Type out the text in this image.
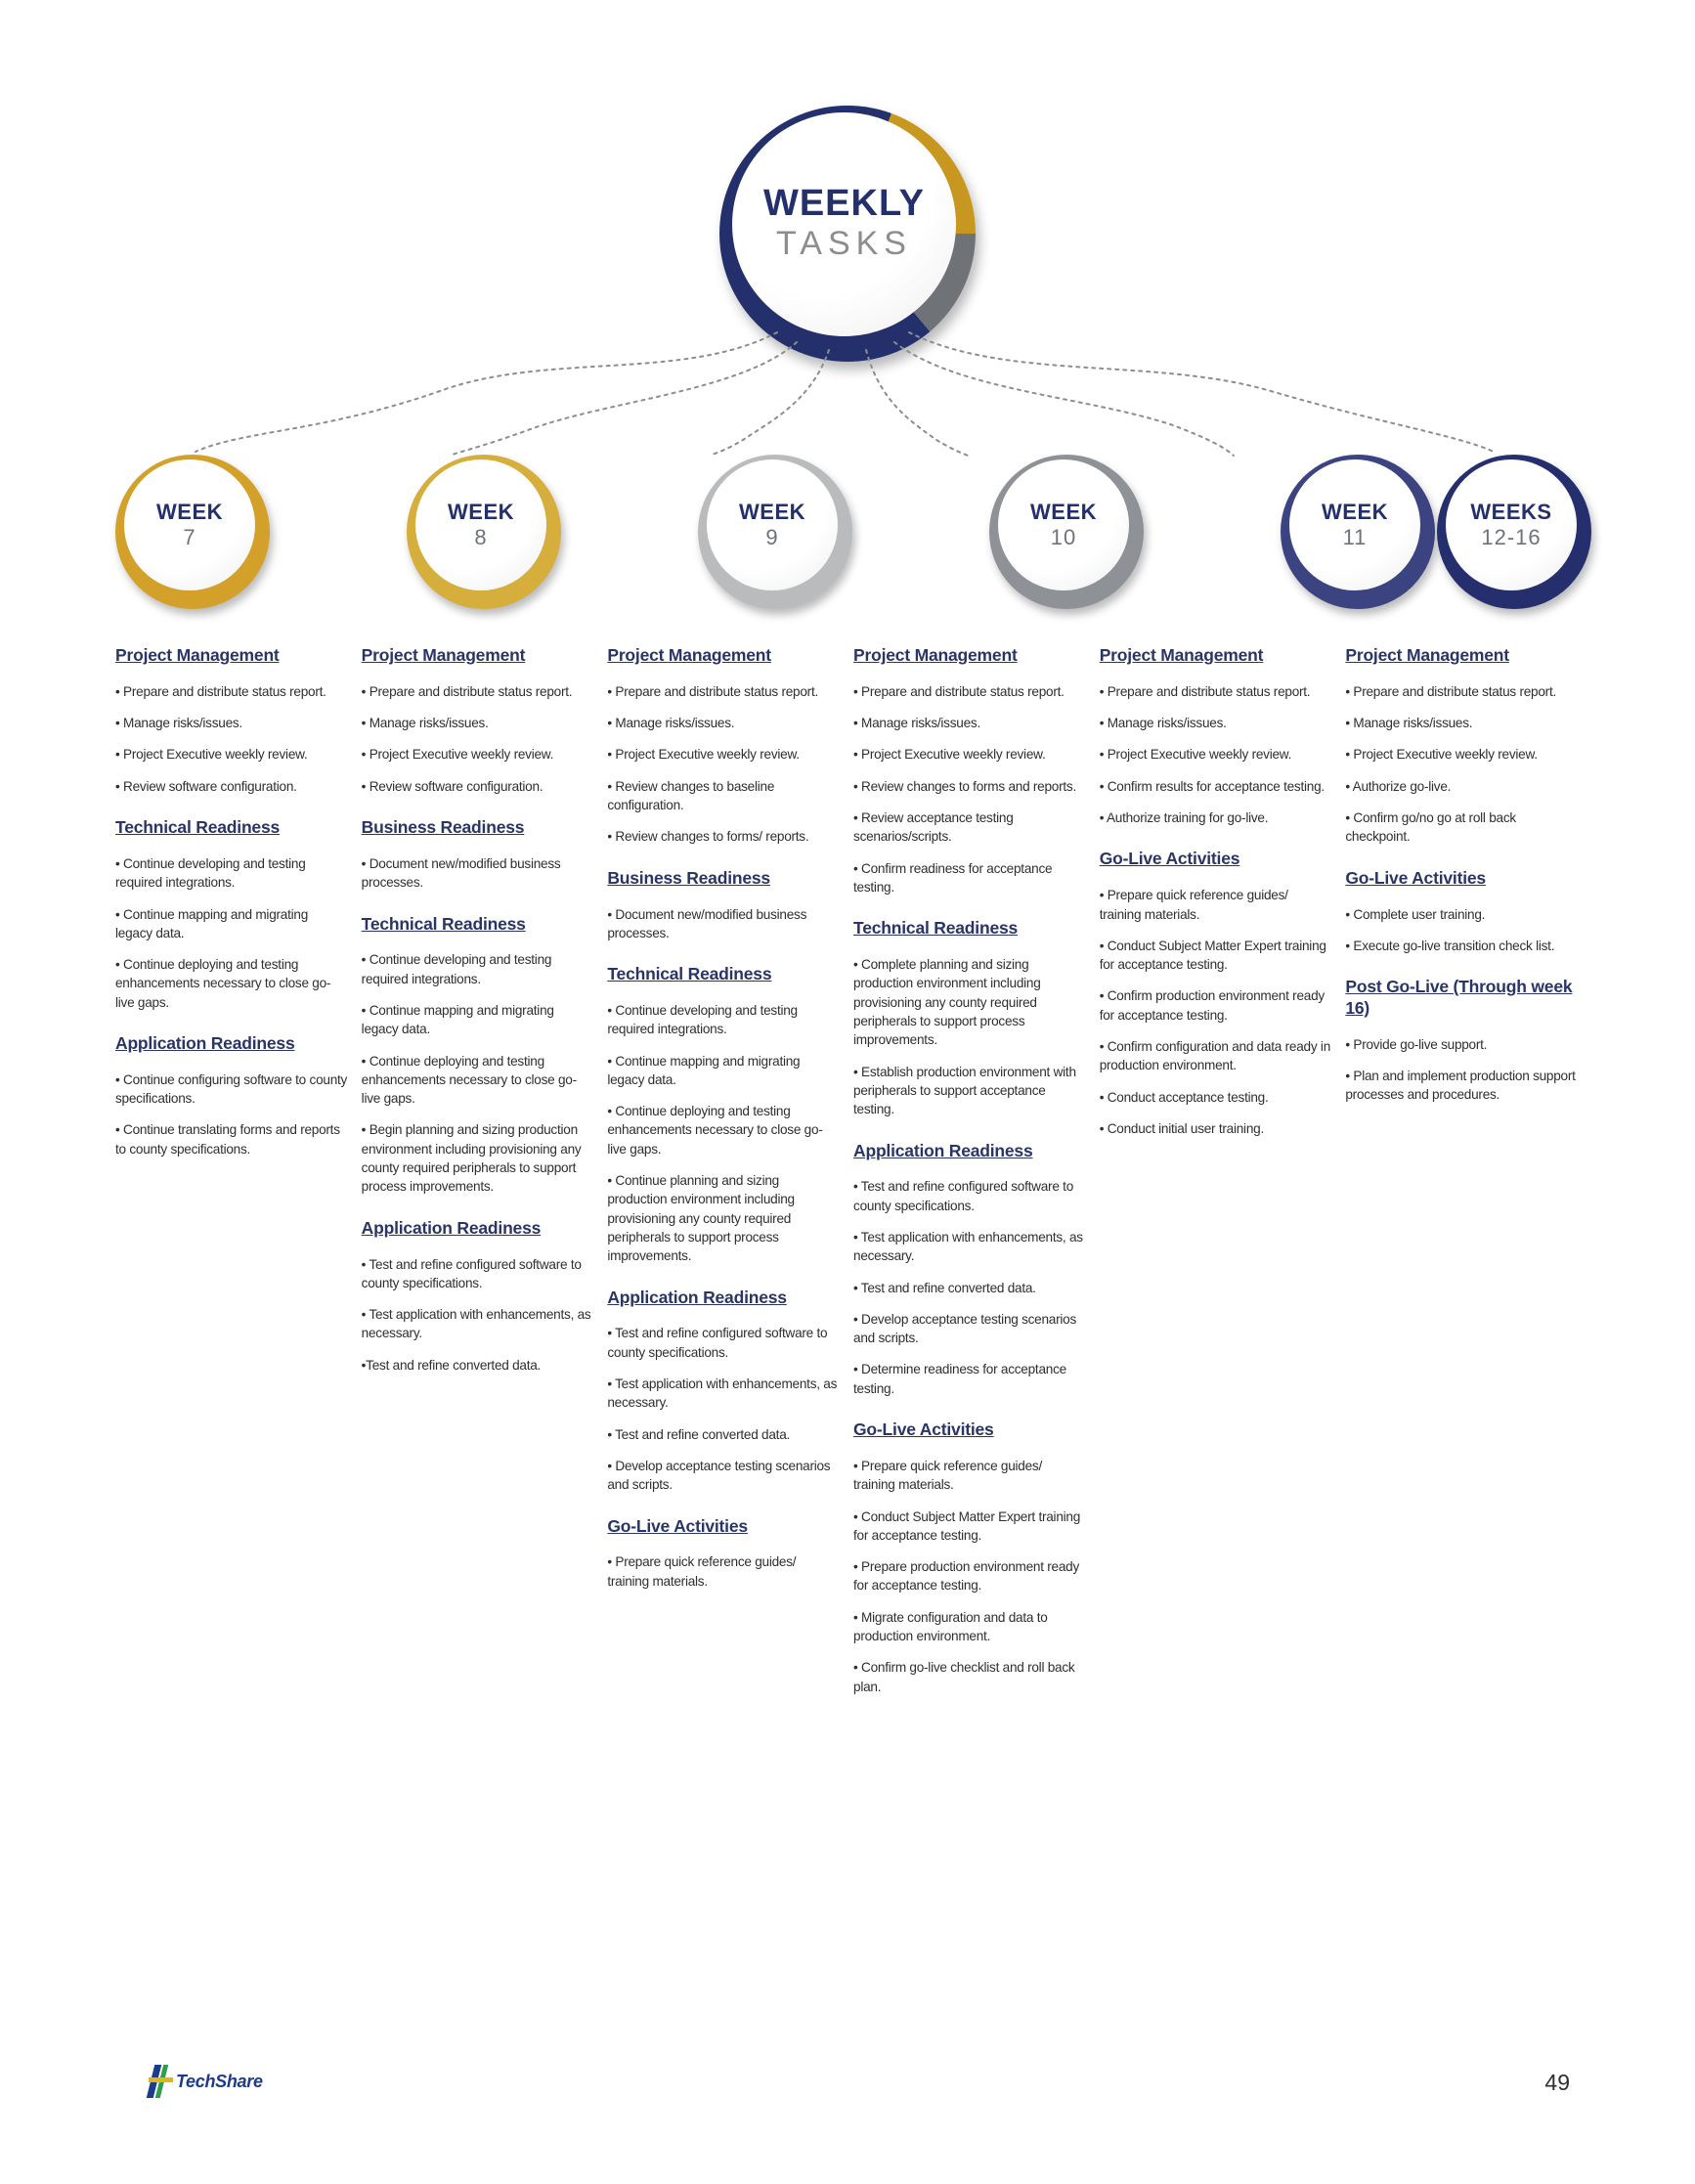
WEEKLY
TASKS
WEEK
7
WEEK
8
WEEK
9
WEEK
10
WEEK
11
WEEKS
12-16
Project Management

• Prepare and distribute status report.

• Manage risks/issues.

• Project Executive weekly review.

• Review software configuration.

Technical Readiness

• Continue developing and testing required integrations.

• Continue mapping and migrating legacy data.

• Continue deploying and testing enhancements necessary to close go-live gaps.

Application Readiness

• Continue configuring software to county specifications.

• Continue translating forms and reports to county specifications.

Project Management

• Prepare and distribute status report.

• Manage risks/issues.

• Project Executive weekly review.

• Review software configuration.

Business Readiness

• Document new/modified business processes.

Technical Readiness

• Continue developing and testing required integrations.

• Continue mapping and migrating legacy data.

• Continue deploying and testing enhancements necessary to close go-live gaps.

• Begin planning and sizing production environment including provisioning any county required peripherals to support process improvements.

Application Readiness

• Test and refine configured software to county specifications.

• Test application with enhancements, as necessary.

•Test and refine converted data.

Project Management

• Prepare and distribute status report.

• Manage risks/issues.

• Project Executive weekly review.

• Review changes to baseline configuration.

• Review changes to forms/ reports.

Business Readiness

• Document new/modified business processes.

Technical Readiness

• Continue developing and testing required integrations.

• Continue mapping and migrating legacy data.

• Continue deploying and testing enhancements necessary to close go-live gaps.

• Continue planning and sizing production environment including provisioning any county required peripherals to support process improvements.

Application Readiness

• Test and refine configured software to county specifications.

• Test application with enhancements, as necessary.

• Test and refine converted data.

• Develop acceptance testing scenarios and scripts.

Go-Live Activities

• Prepare quick reference guides/ training materials.

Project Management

• Prepare and distribute status report.

• Manage risks/issues.

• Project Executive weekly review.

• Review changes to forms and reports.

• Review acceptance testing scenarios/scripts.

• Confirm readiness for acceptance testing.

Technical Readiness

• Complete planning and sizing production environment including provisioning any county required peripherals to support process improvements.

• Establish production environment with peripherals to support acceptance testing.

Application Readiness

• Test and refine configured software to county specifications.

• Test application with enhancements, as necessary.

• Test and refine converted data.

• Develop acceptance testing scenarios and scripts.

• Determine readiness for acceptance testing.

Go-Live Activities

• Prepare quick reference guides/ training materials.

• Conduct Subject Matter Expert training for acceptance testing.

• Prepare production environment ready for acceptance testing.

• Migrate configuration and data to production environment.

• Confirm go-live checklist and roll back plan.

Project Management

• Prepare and distribute status report.

• Manage risks/issues.

• Project Executive weekly review.

• Confirm results for acceptance testing.

• Authorize training for go-live.

Go-Live Activities

• Prepare quick reference guides/ training materials.

• Conduct Subject Matter Expert training for acceptance testing.

• Confirm production environment ready for acceptance testing.

• Confirm configuration and data ready in production environment.

• Conduct acceptance testing.

• Conduct initial user training.

Project Management

• Prepare and distribute status report.

• Manage risks/issues.

• Project Executive weekly review.

• Authorize go-live.

• Confirm go/no go at roll back checkpoint.

Go-Live Activities

• Complete user training.

• Execute go-live transition check list.

Post Go-Live (Through week 16)

• Provide go-live support.

• Plan and implement production support processes and procedures.

TechShare	49
